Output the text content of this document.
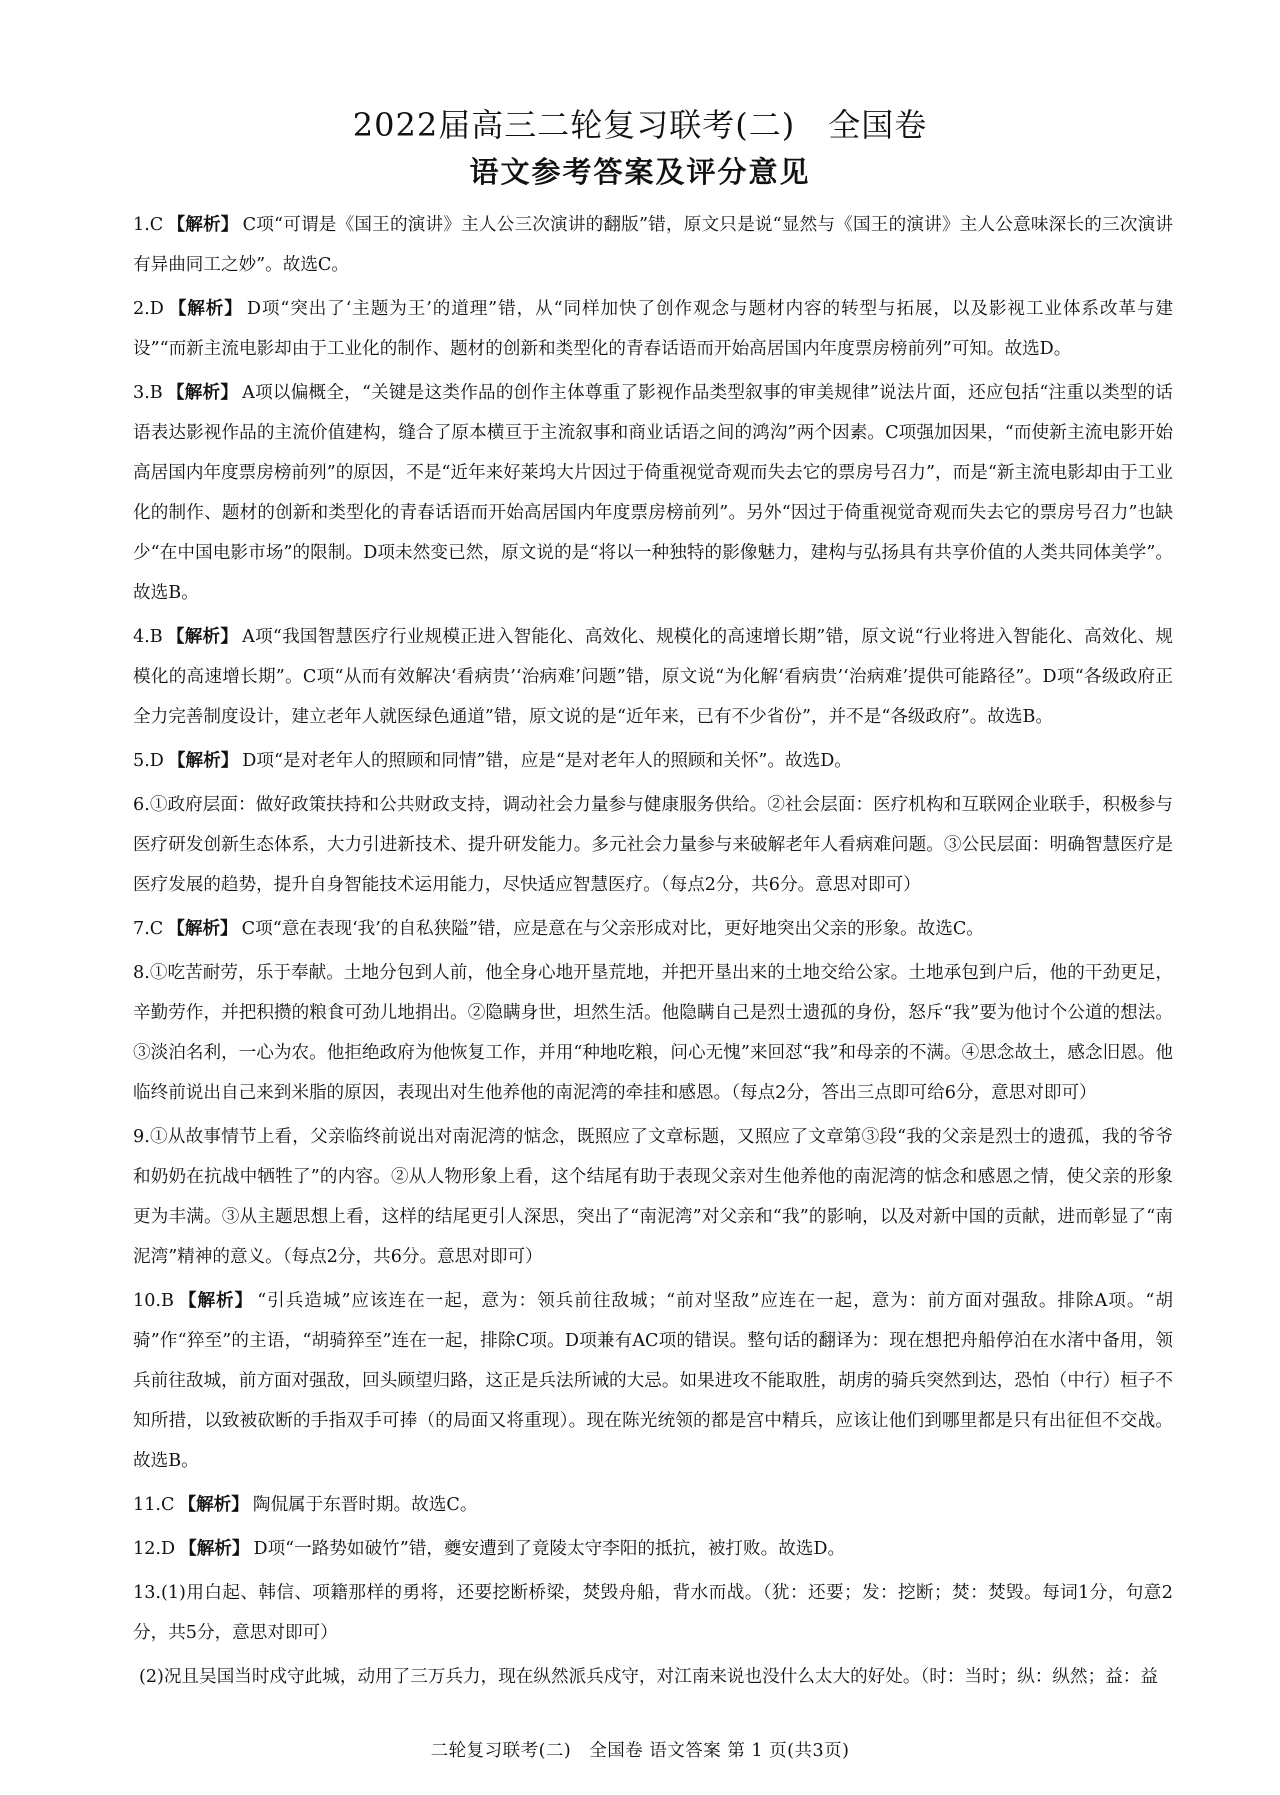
2022届高三二轮复习联考(二)　全国卷
语文参考答案及评分意见
1.C 【解析】 C项“可谓是《国王的演讲》主人公三次演讲的翻版”错，原文只是说“显然与《国王的演讲》主人公意味深长的三次演讲有异曲同工之妙”。故选C。
2.D 【解析】 D项“突出了‘主题为王’的道理”错，从“同样加快了创作观念与题材内容的转型与拓展，以及影视工业体系改革与建设”“而新主流电影却由于工业化的制作、题材的创新和类型化的青春话语而开始高居国内年度票房榜前列”可知。故选D。
3.B 【解析】 A项以偏概全，“关键是这类作品的创作主体尊重了影视作品类型叙事的审美规律”说法片面，还应包括“注重以类型的话语表达影视作品的主流价值建构，缝合了原本横亘于主流叙事和商业话语之间的鸿沟”两个因素。C项强加因果，“而使新主流电影开始高居国内年度票房榜前列”的原因，不是“近年来好莱坞大片因过于倚重视觉奇观而失去它的票房号召力”，而是“新主流电影却由于工业化的制作、题材的创新和类型化的青春话语而开始高居国内年度票房榜前列”。另外“因过于倚重视觉奇观而失去它的票房号召力”也缺少“在中国电影市场”的限制。D项未然变已然，原文说的是“将以一种独特的影像魅力，建构与弘扬具有共享价值的人类共同体美学”。故选B。
4.B 【解析】 A项“我国智慧医疗行业规模正进入智能化、高效化、规模化的高速增长期”错，原文说“行业将进入智能化、高效化、规模化的高速增长期”。C项“从而有效解决‘看病贵’‘治病难’问题”错，原文说“为化解‘看病贵’‘治病难’提供可能路径”。D项“各级政府正全力完善制度设计，建立老年人就医绿色通道”错，原文说的是“近年来，已有不少省份”，并不是“各级政府”。故选B。
5.D 【解析】 D项“是对老年人的照顾和同情”错，应是“是对老年人的照顾和关怀”。故选D。
6.①政府层面：做好政策扶持和公共财政支持，调动社会力量参与健康服务供给。②社会层面：医疗机构和互联网企业联手，积极参与医疗研发创新生态体系，大力引进新技术、提升研发能力。多元社会力量参与来破解老年人看病难问题。③公民层面：明确智慧医疗是医疗发展的趋势，提升自身智能技术运用能力，尽快适应智慧医疗。（每点2分，共6分。意思对即可）
7.C 【解析】 C项“意在表现‘我’的自私狭隘”错，应是意在与父亲形成对比，更好地突出父亲的形象。故选C。
8.①吃苦耐劳，乐于奉献。土地分包到人前，他全身心地开垦荒地，并把开垦出来的土地交给公家。土地承包到户后，他的干劲更足，辛勤劳作，并把积攒的粮食可劲儿地捐出。②隐瞒身世，坦然生活。他隐瞒自己是烈士遗孤的身份，怒斥“我”要为他讨个公道的想法。③淡泊名利，一心为农。他拒绝政府为他恢复工作，并用“种地吃粮，问心无愧”来回怼“我”和母亲的不满。④思念故土，感念旧恩。他临终前说出自己来到米脂的原因，表现出对生他养他的南泥湾的牵挂和感恩。（每点2分，答出三点即可给6分，意思对即可）
9.①从故事情节上看，父亲临终前说出对南泥湾的惦念，既照应了文章标题，又照应了文章第③段“我的父亲是烈士的遗孤，我的爷爷和奶奶在抗战中牺牲了”的内容。②从人物形象上看，这个结尾有助于表现父亲对生他养他的南泥湾的惦念和感恩之情，使父亲的形象更为丰满。③从主题思想上看，这样的结尾更引人深思，突出了“南泥湾”对父亲和“我”的影响，以及对新中国的贡献，进而彰显了“南泥湾”精神的意义。（每点2分，共6分。意思对即可）
10.B 【解析】 “引兵造城”应该连在一起，意为：领兵前往敌城；“前对坚敌”应连在一起，意为：前方面对强敌。排除A项。“胡骑”作“猝至”的主语，“胡骑猝至”连在一起，排除C项。D项兼有AC项的错误。整句话的翻译为：现在想把舟船停泊在水渚中备用，领兵前往敌城，前方面对强敌，回头顾望归路，这正是兵法所诫的大忌。如果进攻不能取胜，胡虏的骑兵突然到达，恐怕（中行）桓子不知所措，以致被砍断的手指双手可捧（的局面又将重现）。现在陈光统领的都是宫中精兵，应该让他们到哪里都是只有出征但不交战。故选B。
11.C 【解析】 陶侃属于东晋时期。故选C。
12.D 【解析】 D项“一路势如破竹”错，夔安遭到了竟陵太守李阳的抵抗，被打败。故选D。
13.(1)用白起、韩信、项籍那样的勇将，还要挖断桥梁，焚毁舟船，背水而战。（犹：还要；发：挖断；焚：焚毁。每词1分，句意2分，共5分，意思对即可）
(2)况且吴国当时戍守此城，动用了三万兵力，现在纵然派兵戍守，对江南来说也没什么太大的好处。（时：当时；纵：纵然；益：益
二轮复习联考(二)　全国卷 语文答案 第 1 页(共3页)
